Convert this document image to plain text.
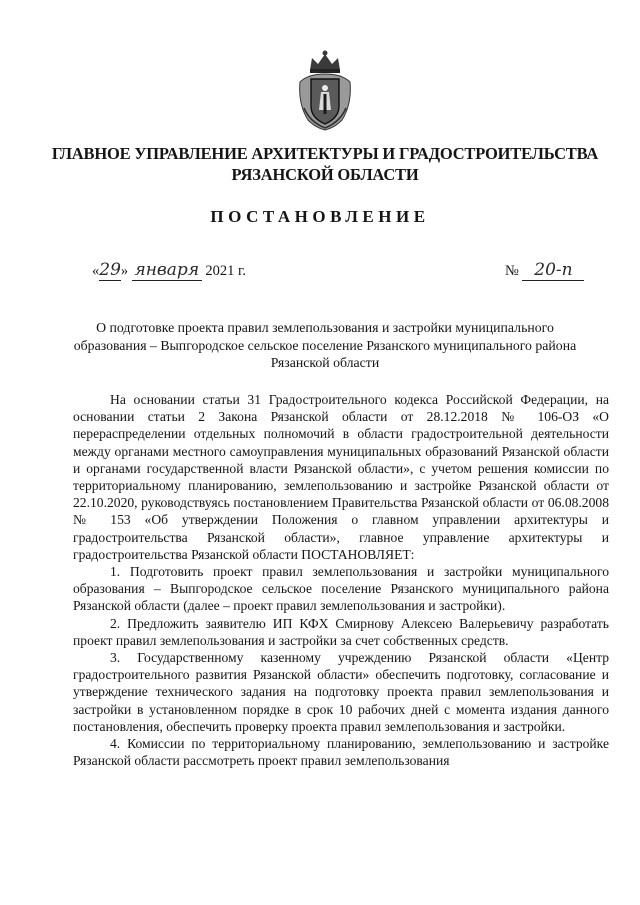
ГЛАВНОЕ УПРАВЛЕНИЕ АРХИТЕКТУРЫ И ГРАДОСТРОИТЕЛЬСТВА
РЯЗАНСКОЙ ОБЛАСТИ
ПОСТАНОВЛЕНИЕ
«29» января 2021 г.	№ 20-п
О подготовке проекта правил землепользования и застройки муниципального образования – Выпгородское сельское поселение Рязанского муниципального района Рязанской области

На основании статьи 31 Градостроительного кодекса Российской Федерации, на основании статьи 2 Закона Рязанской области от 28.12.2018 № 106-ОЗ «О перераспределении отдельных полномочий в области градостроительной деятельности между органами местного самоуправления муниципальных образований Рязанской области и органами государственной власти Рязанской области», с учетом решения комиссии по территориальному планированию, землепользованию и застройке Рязанской области от 22.10.2020, руководствуясь постановлением Правительства Рязанской области от 06.08.2008 № 153 «Об утверждении Положения о главном управлении архитектуры и градостроительства Рязанской области», главное управление архитектуры и градостроительства Рязанской области ПОСТАНОВЛЯЕТ:

1. Подготовить проект правил землепользования и застройки муниципального образования – Выпгородское сельское поселение Рязанского муниципального района Рязанской области (далее – проект правил землепользования и застройки).

2. Предложить заявителю ИП КФХ Смирнову Алексею Валерьевичу разработать проект правил землепользования и застройки за счет собственных средств.

3. Государственному казенному учреждению Рязанской области «Центр градостроительного развития Рязанской области» обеспечить подготовку, согласование и утверждение технического задания на подготовку проекта правил землепользования и застройки в установленном порядке в срок 10 рабочих дней с момента издания данного постановления, обеспечить проверку проекта правил землепользования и застройки.

4. Комиссии по территориальному планированию, землепользованию и застройке Рязанской области рассмотреть проект правил землепользования
